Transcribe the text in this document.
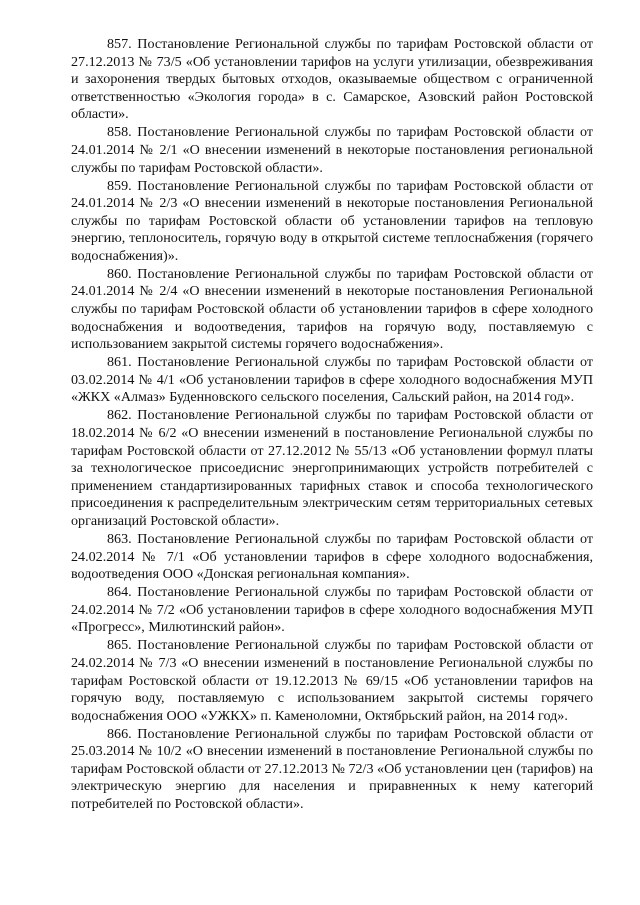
857. Постановление Региональной службы по тарифам Ростовской области от 27.12.2013 № 73/5 «Об установлении тарифов на услуги утилизации, обезвреживания и захоронения твердых бытовых отходов, оказываемые обществом с ограниченной ответственностью «Экология города» в с. Самарское, Азовский район Ростовской области».

858. Постановление Региональной службы по тарифам Ростовской области от 24.01.2014 № 2/1 «О внесении изменений в некоторые постановления региональной службы по тарифам Ростовской области».

859. Постановление Региональной службы по тарифам Ростовской области от 24.01.2014 № 2/3 «О внесении изменений в некоторые постановления Региональной службы по тарифам Ростовской области об установлении тарифов на тепловую энергию, теплоноситель, горячую воду в открытой системе теплоснабжения (горячего водоснабжения)».

860. Постановление Региональной службы по тарифам Ростовской области от 24.01.2014 № 2/4 «О внесении изменений в некоторые постановления Региональной службы по тарифам Ростовской области об установлении тарифов в сфере холодного водоснабжения и водоотведения, тарифов на горячую воду, поставляемую с использованием закрытой системы горячего водоснабжения».

861. Постановление Региональной службы по тарифам Ростовской области от 03.02.2014 № 4/1 «Об установлении тарифов в сфере холодного водоснабжения МУП «ЖКХ «Алмаз» Буденновского сельского поселения, Сальский район, на 2014 год».

862. Постановление Региональной службы по тарифам Ростовской области от 18.02.2014 № 6/2 «О внесении изменений в постановление Региональной службы по тарифам Ростовской области от 27.12.2012 № 55/13 «Об установлении формул платы за технологическое присоедиснис энергопринимающих устройств потребителей с применением стандартизированных тарифных ставок и способа технологического присоединения к распределительным электрическим сетям территориальных сетевых организаций Ростовской области».

863. Постановление Региональной службы по тарифам Ростовской области от 24.02.2014 № 7/1 «Об установлении тарифов в сфере холодного водоснабжения, водоотведения ООО «Донская региональная компания».

864. Постановление Региональной службы по тарифам Ростовской области от 24.02.2014 № 7/2 «Об установлении тарифов в сфере холодного водоснабжения МУП «Прогресс», Милютинский район».

865. Постановление Региональной службы по тарифам Ростовской области от 24.02.2014 № 7/3 «О внесении изменений в постановление Региональной службы по тарифам Ростовской области от 19.12.2013 № 69/15 «Об установлении тарифов на горячую воду, поставляемую с использованием закрытой системы горячего водоснабжения ООО «УЖКХ» п. Каменоломни, Октябрьский район, на 2014 год».

866. Постановление Региональной службы по тарифам Ростовской области от 25.03.2014 № 10/2 «О внесении изменений в постановление Региональной службы по тарифам Ростовской области от 27.12.2013 № 72/3 «Об установлении цен (тарифов) на электрическую энергию для населения и приравненных к нему категорий потребителей по Ростовской области».
